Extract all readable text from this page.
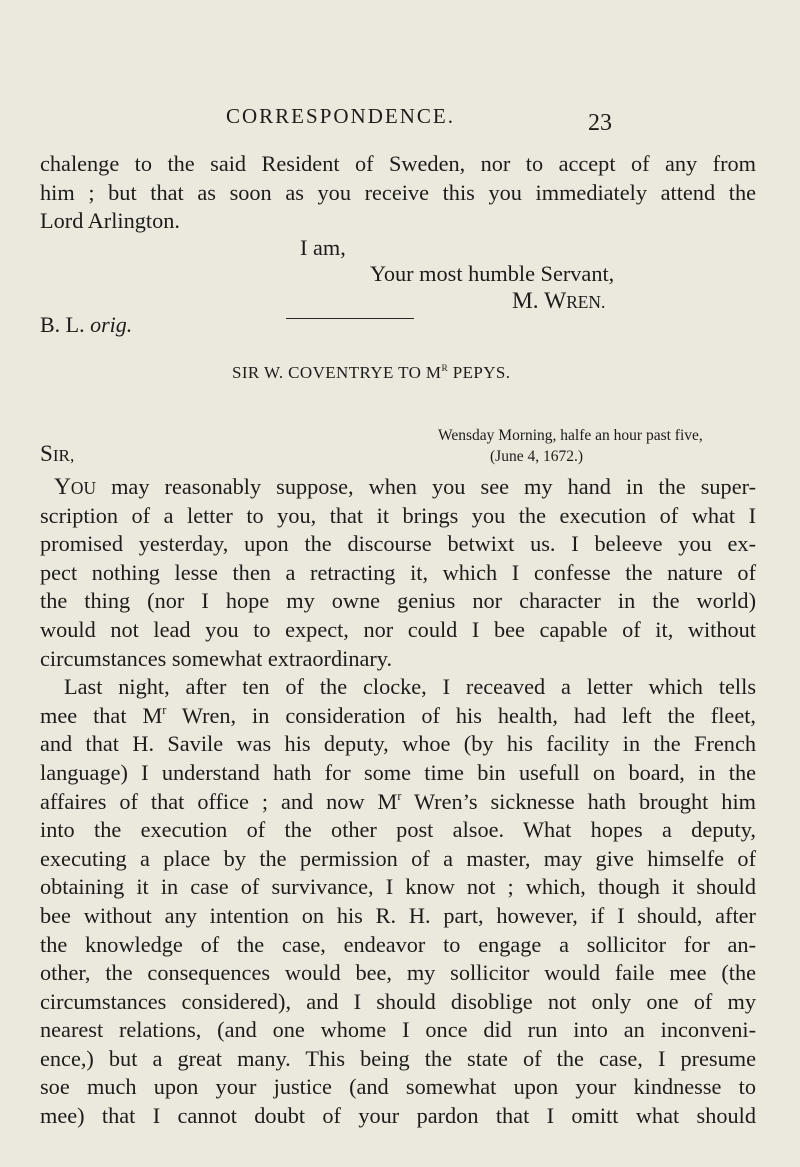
CORRESPONDENCE.	23
chalenge to the said Resident of Sweden, nor to accept of any from
him ; but that as soon as you receive this you immediately attend the
Lord Arlington.
I am,
Your most humble Servant,
M. WREN.
B. L. orig.
SIR W. COVENTRYE TO $M^R$ PEPYS.
Wensday Morning, halfe an hour past five,
(June 4, 1672.)
SIR,
YOU may reasonably suppose, when you see my hand in the super-
scription of a letter to you, that it brings you the execution of what I
promised yesterday, upon the discourse betwixt us. I beleeve you ex-
pect nothing lesse then a retracting it, which I confesse the nature of
the thing (nor I hope my owne genius nor character in the world)
would not lead you to expect, nor could I bee capable of it, without
circumstances somewhat extraordinary.
Last night, after ten of the clocke, I receaved a letter which tells
mee that $M^r$ Wren, in consideration of his health, had left the fleet,
and that H. Savile was his deputy, whoe (by his facility in the French
language) I understand hath for some time bin usefull on board, in the
affaires of that office ; and now $M^r$ Wren’s sicknesse hath brought him
into the execution of the other post alsoe. What hopes a deputy,
executing a place by the permission of a master, may give himselfe of
obtaining it in case of survivance, I know not ; which, though it should
bee without any intention on his R. H. part, however, if I should, after
the knowledge of the case, endeavor to engage a sollicitor for an-
other, the consequences would bee, my sollicitor would faile mee (the
circumstances considered), and I should disoblige not only one of my
nearest relations, (and one whome I once did run into an inconveni-
ence,) but a great many. This being the state of the case, I presume
soe much upon your justice (and somewhat upon your kindnesse to
mee) that I cannot doubt of your pardon that I omitt what should
